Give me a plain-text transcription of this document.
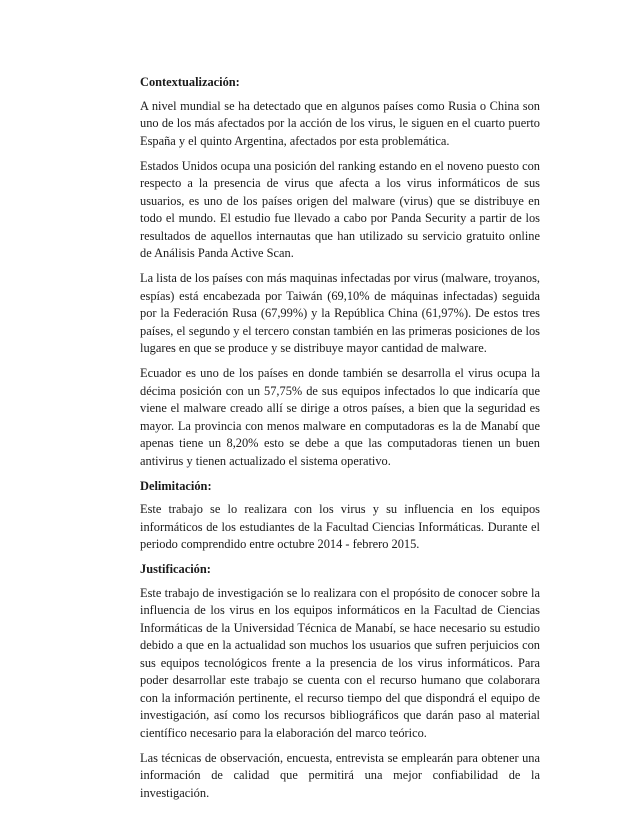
Contextualización:

A nivel mundial se ha detectado que en algunos países como Rusia o China son uno de los más afectados por la acción de los virus, le siguen en el cuarto puerto España y el quinto Argentina, afectados por esta problemática.

Estados Unidos ocupa una posición del ranking estando en el noveno puesto con respecto a la presencia de virus que afecta a los virus informáticos de sus usuarios, es uno de los países origen del malware (virus) que se distribuye en todo el mundo. El estudio fue llevado a cabo por Panda Security a partir de los resultados de aquellos internautas que han utilizado su servicio gratuito online de Análisis Panda Active Scan.

La lista de los países con más maquinas infectadas por virus (malware, troyanos, espías) está encabezada por Taiwán (69,10% de máquinas infectadas) seguida por la Federación Rusa (67,99%) y la República China (61,97%). De estos tres países, el segundo y el tercero constan también en las primeras posiciones de los lugares en que se produce y se distribuye mayor cantidad de malware.

Ecuador es uno de los países en donde también se desarrolla el virus ocupa la décima posición con un 57,75% de sus equipos infectados lo que indicaría que viene el malware creado allí se dirige a otros países, a bien que la seguridad es mayor. La provincia con menos malware en computadoras es la de Manabí que apenas tiene un 8,20% esto se debe a que las computadoras tienen un buen antivirus y tienen actualizado el sistema operativo.

Delimitación:

Este trabajo se lo realizara con los virus y su influencia en los equipos informáticos de los estudiantes de la Facultad Ciencias Informáticas. Durante el periodo comprendido entre octubre 2014 - febrero 2015.

Justificación:

Este trabajo de investigación se lo realizara con el propósito de conocer sobre la influencia de los virus en los equipos informáticos en la Facultad de Ciencias Informáticas de la Universidad Técnica de Manabí, se hace necesario su estudio debido a que en la actualidad son muchos los usuarios que sufren perjuicios con sus equipos tecnológicos frente a la presencia de los virus informáticos. Para poder desarrollar este trabajo se cuenta con el recurso humano que colaborara con la información pertinente, el recurso tiempo del que dispondrá el equipo de investigación, así como los recursos bibliográficos que darán paso al material científico necesario para la elaboración del marco teórico.

Las técnicas de observación, encuesta, entrevista se emplearán para obtener una información de calidad que permitirá una mejor confiabilidad de la investigación.
